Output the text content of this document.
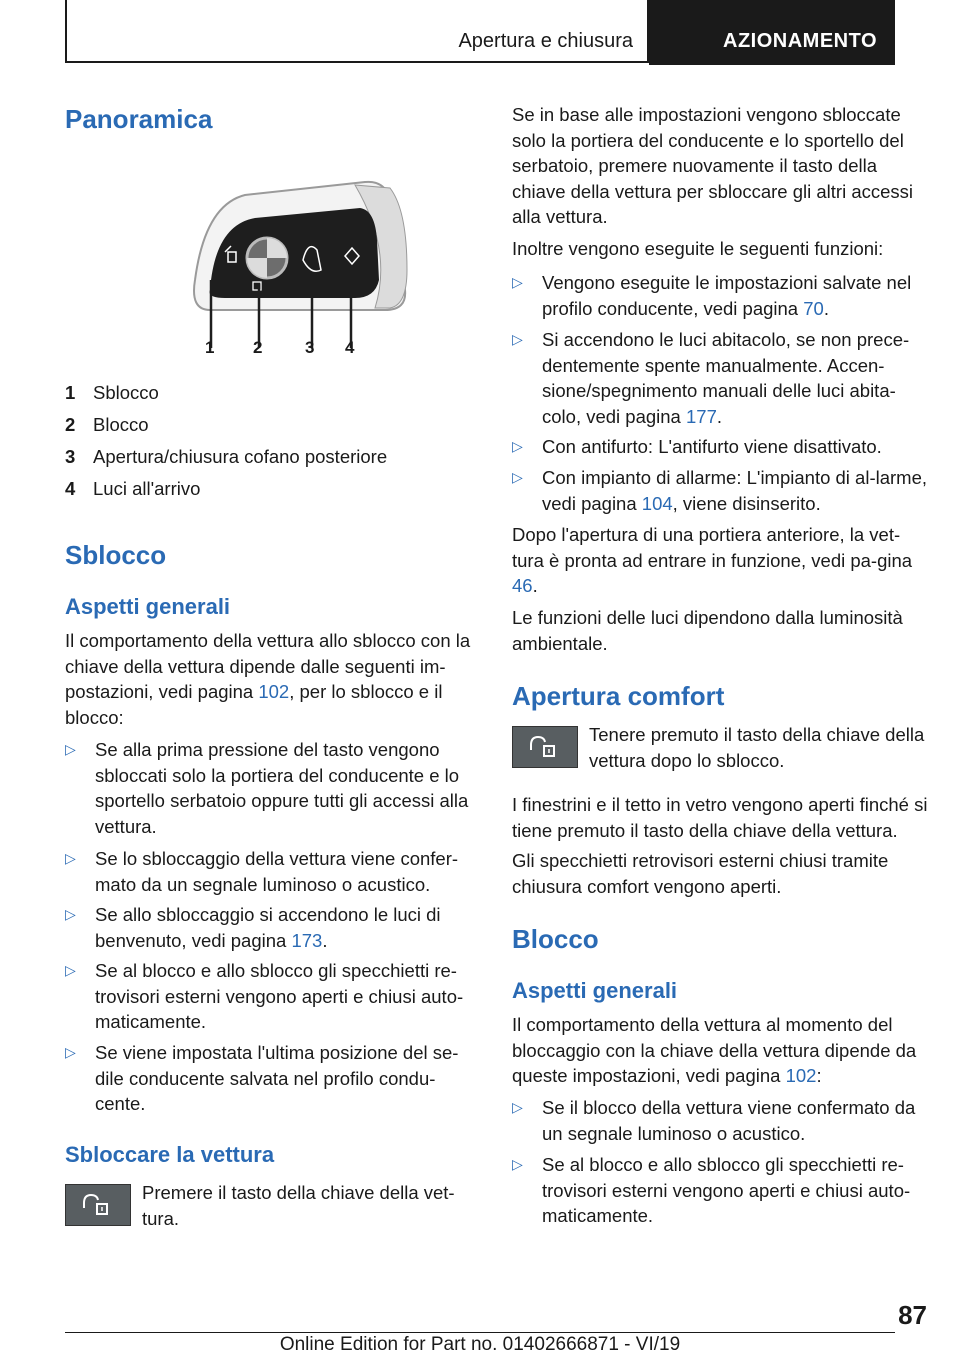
Apertura e chiusura	AZIONAMENTO
Panoramica
1 2	3 4
1 Sblocco
2 Blocco
3 Apertura/chiusura cofano posteriore
4 Luci all'arrivo
Sblocco
Aspetti generali

Il comportamento della vettura allo sblocco con la chiave della vettura dipende dalle seguenti im-postazioni, vedi pagina 102, per lo sblocco e il blocco:

▷ Se alla prima pressione del tasto vengono sbloccati solo la portiera del conducente e lo sportello serbatoio oppure tutti gli accessi alla vettura.
▷ Se lo sbloccaggio della vettura viene confer-mato da un segnale luminoso o acustico.
▷ Se allo sbloccaggio si accendono le luci di benvenuto, vedi pagina 173.
▷ Se al blocco e allo sblocco gli specchietti re-trovisori esterni vengono aperti e chiusi auto-maticamente.
▷ Se viene impostata l'ultima posizione del se-dile conducente salvata nel profilo condu-cente.
Sbloccare la vettura

Premere il tasto della chiave della vet-tura.

Se in base alle impostazioni vengono sbloccate solo la portiera del conducente e lo sportello del serbatoio, premere nuovamente il tasto della chiave della vettura per sbloccare gli altri accessi alla vettura.

Inoltre vengono eseguite le seguenti funzioni:

▷ Vengono eseguite le impostazioni salvate nel profilo conducente, vedi pagina 70.
▷ Si accendono le luci abitacolo, se non prece-dentemente spente manualmente. Accen-sione/spegnimento manuali delle luci abita-colo, vedi pagina 177.
▷ Con antifurto: L'antifurto viene disattivato.
▷ Con impianto di allarme: L'impianto di al-larme, vedi pagina 104, viene disinserito.

Dopo l'apertura di una portiera anteriore, la vet-tura è pronta ad entrare in funzione, vedi pa-gina 46.

Le funzioni delle luci dipendono dalla luminosità ambientale.

Apertura comfort

Tenere premuto il tasto della chiave della vettura dopo lo sblocco.

I finestrini e il tetto in vetro vengono aperti finché si tiene premuto il tasto della chiave della vettura.

Gli specchietti retrovisori esterni chiusi tramite chiusura comfort vengono aperti.

Blocco
Aspetti generali

Il comportamento della vettura al momento del bloccaggio con la chiave della vettura dipende da queste impostazioni, vedi pagina 102:

▷ Se il blocco della vettura viene confermato da un segnale luminoso o acustico.
▷ Se al blocco e allo sblocco gli specchietti re-trovisori esterni vengono aperti e chiusi auto-maticamente.
87
Online Edition for Part no. 01402666871 - VI/19
